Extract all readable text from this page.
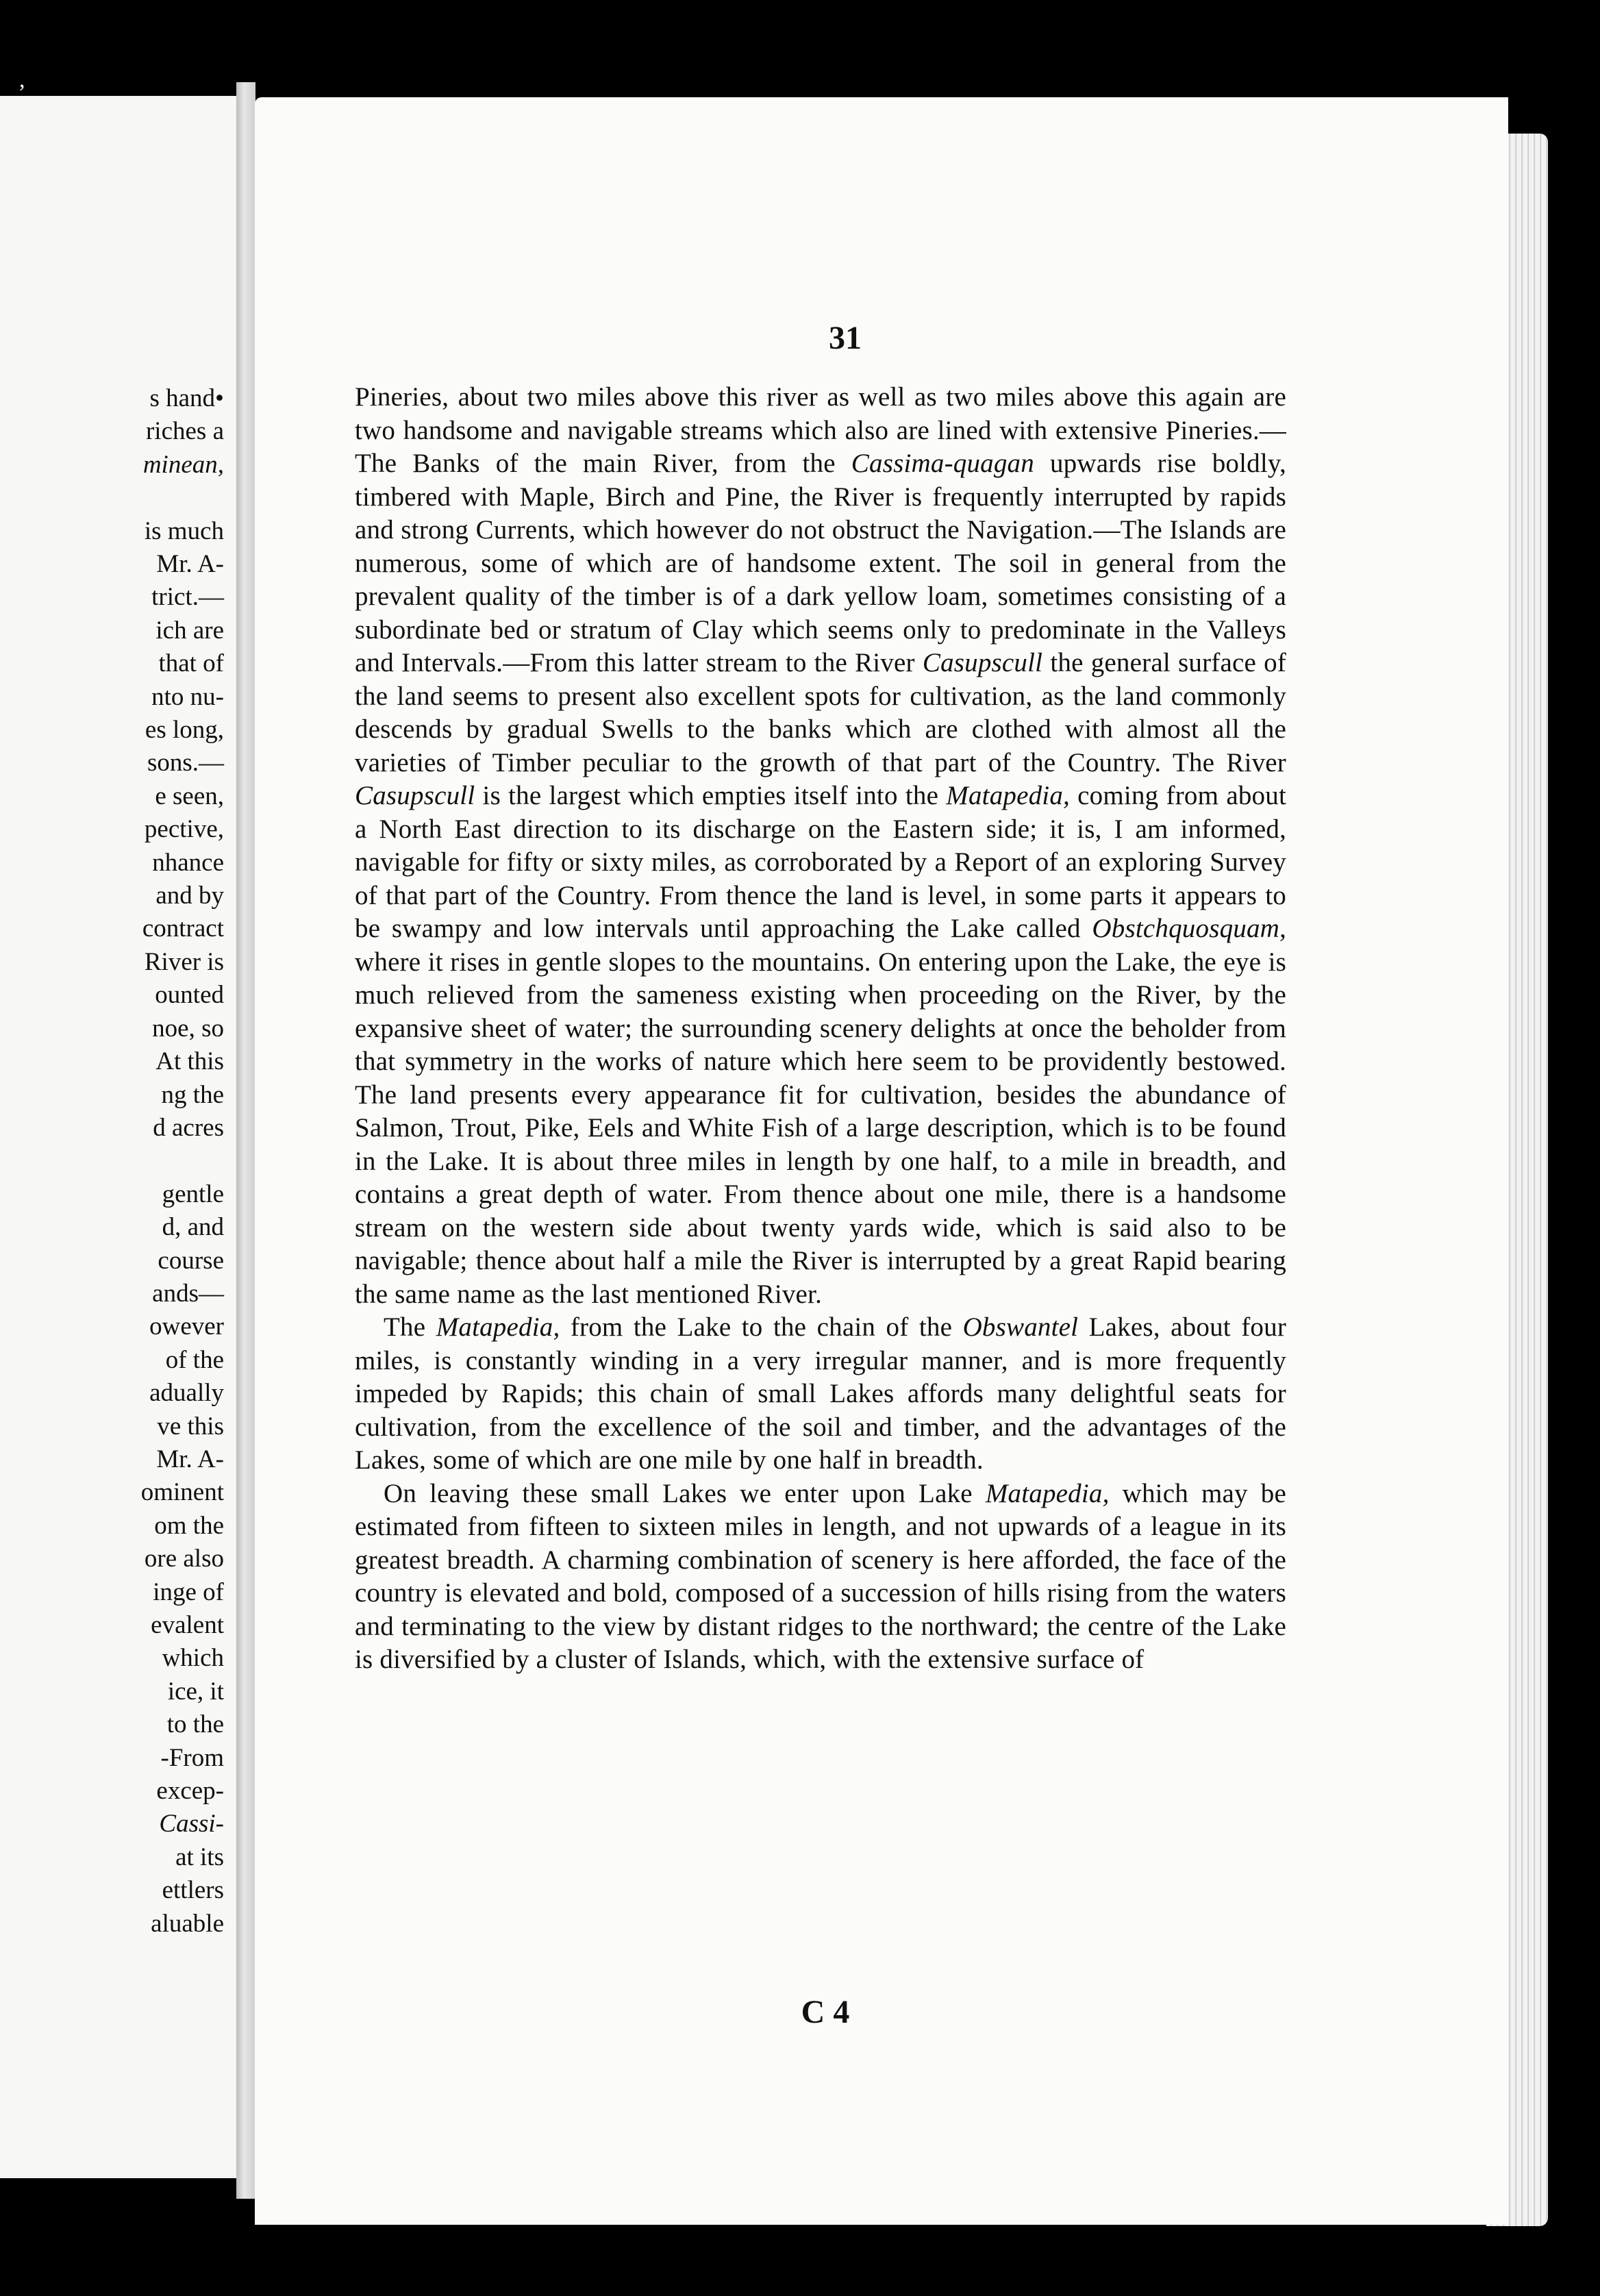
,
s hand•
riches a
minean,
is much
Mr. A-
trict.—
ich are
that of
nto nu-
es long,
sons.—
e seen,
pective,
nhance
and by
contract
River is
ounted
noe, so
At this
ng the
d acres
gentle
d, and
course
ands—
owever
of the
adually
ve this
Mr. A-
ominent
om the
ore also
inge of
evalent
which
ice, it
to the
-From
excep-
Cassi-
at its
ettlers
aluable
31

Pineries, about two miles above this river as well as two miles above this again are two handsome and navigable streams which also are lined with extensive Pineries.—The Banks of the main River, from the Cassima-quagan upwards rise boldly, timbered with Maple, Birch and Pine, the River is frequently interrupted by rapids and strong Currents, which however do not obstruct the Navigation.—The Islands are numerous, some of which are of handsome extent. The soil in general from the prevalent quality of the timber is of a dark yellow loam, sometimes consisting of a subordinate bed or stratum of Clay which seems only to predominate in the Valleys and Intervals.—From this latter stream to the River Casupscull the general surface of the land seems to present also excellent spots for cultivation, as the land commonly descends by gradual Swells to the banks which are clothed with almost all the varieties of Timber peculiar to the growth of that part of the Country. The River Casupscull is the largest which empties itself into the Matapedia, coming from about a North East direction to its discharge on the Eastern side; it is, I am informed, navigable for fifty or sixty miles, as corroborated by a Report of an exploring Survey of that part of the Country. From thence the land is level, in some parts it appears to be swampy and low intervals until approaching the Lake called Obstchquosquam, where it rises in gentle slopes to the mountains. On entering upon the Lake, the eye is much relieved from the sameness existing when proceeding on the River, by the expansive sheet of water; the surrounding scenery delights at once the beholder from that symmetry in the works of nature which here seem to be providently bestowed. The land presents every appearance fit for cultivation, besides the abundance of Salmon, Trout, Pike, Eels and White Fish of a large description, which is to be found in the Lake. It is about three miles in length by one half, to a mile in breadth, and contains a great depth of water. From thence about one mile, there is a handsome stream on the western side about twenty yards wide, which is said also to be navigable; thence about half a mile the River is interrupted by a great Rapid bearing the same name as the last mentioned River.

The Matapedia, from the Lake to the chain of the Obswantel Lakes, about four miles, is constantly winding in a very irregular manner, and is more frequently impeded by Rapids; this chain of small Lakes affords many delightful seats for cultivation, from the excellence of the soil and timber, and the advantages of the Lakes, some of which are one mile by one half in breadth.

On leaving these small Lakes we enter upon Lake Matapedia, which may be estimated from fifteen to sixteen miles in length, and not upwards of a league in its greatest breadth. A charming combination of scenery is here afforded, the face of the country is elevated and bold, composed of a succession of hills rising from the waters and terminating to the view by distant ridges to the northward; the centre of the Lake is diversified by a cluster of Islands, which, with the extensive surface of

C 4
